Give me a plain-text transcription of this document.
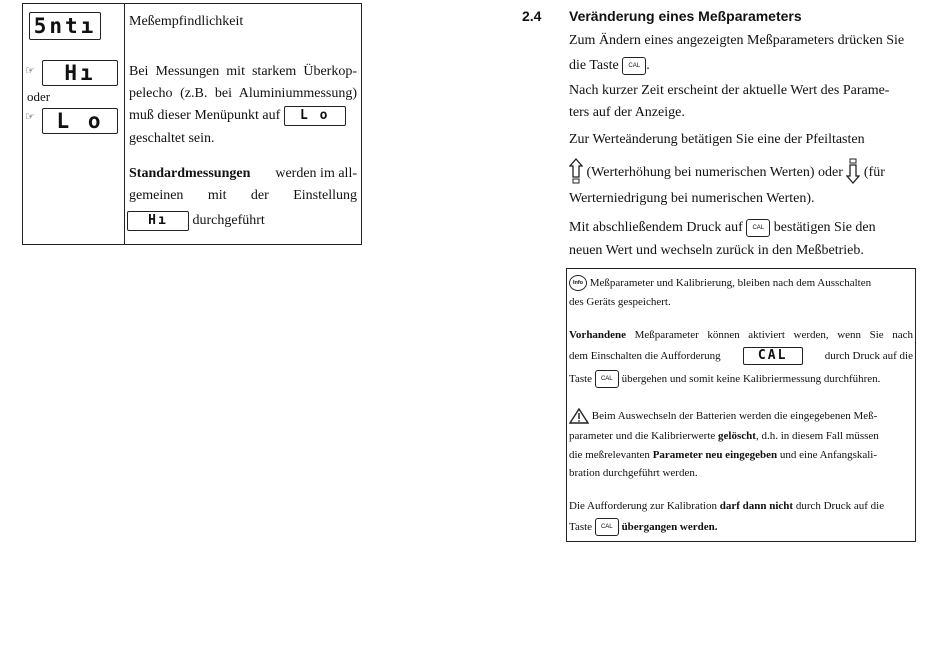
5ntı
☞ Hı
oder
☞ L o
Meßempfindlichkeit
Bei Messungen mit starkem Überkop-
pelecho (z.B. bei Aluminiummessung)
muß dieser Menüpunkt auf L o
geschaltet sein.
Standardmessungen werden im all-
gemeinen mit der Einstellung
Hı durchgeführt
2.4 Veränderung eines Meßparameters
Zum Ändern eines angezeigten Meßparameters drücken Sie
die Taste CAL .
Nach kurzer Zeit erscheint der aktuelle Wert des Parame-
ters auf der Anzeige.
Zur Werteänderung betätigen Sie eine der Pfeiltasten
(Werterhöhung bei numerischen Werten) oder (für
Werterniedrigung bei numerischen Werten).
Mit abschließendem Druck auf CAL bestätigen Sie den
neuen Wert und wechseln zurück in den Meßbetrieb.
Info Meßparameter und Kalibrierung, bleiben nach dem Ausschalten
des Geräts gespeichert.
Vorhandene Meßparameter können aktiviert werden, wenn Sie nach
dem Einschalten die Aufforderung	CAL	durch Druck auf die
Taste CAL übergehen und somit keine Kalibriermessung durchführen.
Beim Auswechseln der Batterien werden die eingegebenen Meß-
parameter und die Kalibrierwerte gelöscht, d.h. in diesem Fall müssen
die meßrelevanten Parameter neu eingegeben und eine Anfangskali-
bration durchgeführt werden.
Die Aufforderung zur Kalibration darf dann nicht durch Druck auf die
Taste CAL übergangen werden.
